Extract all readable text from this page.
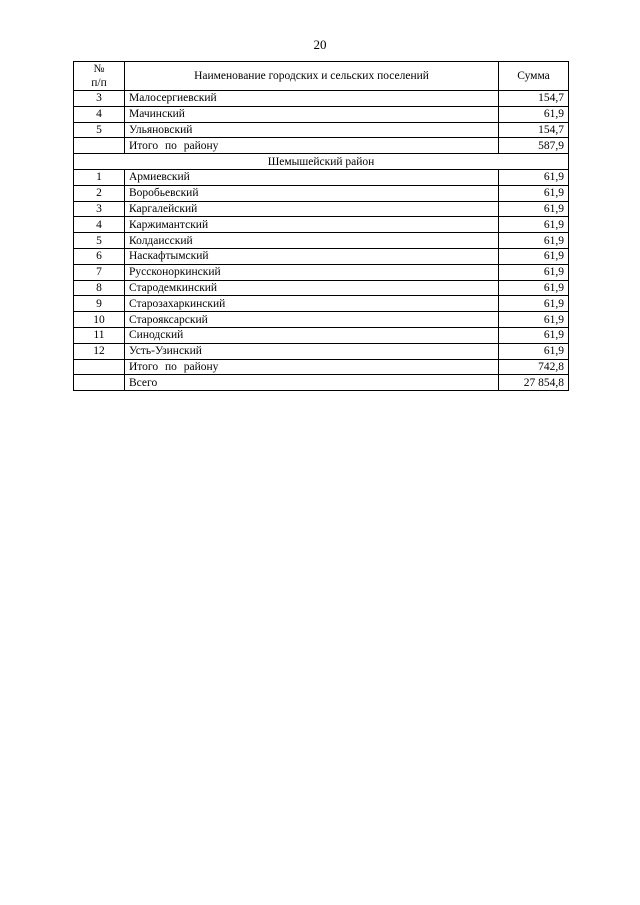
20
№
п/п	Наименование городских и сельских поселений	Сумма
3	Малосергиевский	154,7
4	Мачинский	61,9
5	Ульяновский	154,7
	Итого по району	587,9
Шемышейский район		
1	Армиевский	61,9
2	Воробьевский	61,9
3	Каргалейский	61,9
4	Каржимантский	61,9
5	Колдаисский	61,9
6	Наскафтымский	61,9
7	Руссконоркинский	61,9
8	Стародемкинский	61,9
9	Старозахаркинский	61,9
10	Старояксарский	61,9
11	Синодский	61,9
12	Усть-Узинский	61,9
	Итого по району	742,8
	Всего	27 854,8
